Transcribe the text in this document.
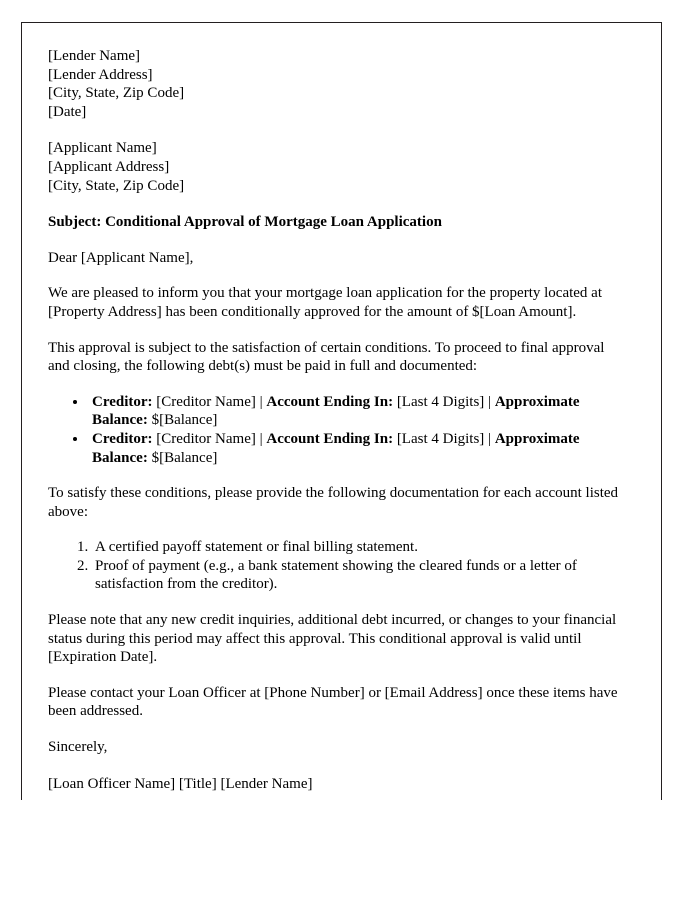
[Lender Name]
[Lender Address]
[City, State, Zip Code]
[Date]
[Applicant Name]
[Applicant Address]
[City, State, Zip Code]

Subject: Conditional Approval of Mortgage Loan Application

Dear [Applicant Name],

We are pleased to inform you that your mortgage loan application for the property located at [Property Address] has been conditionally approved for the amount of $[Loan Amount].

This approval is subject to the satisfaction of certain conditions. To proceed to final approval and closing, the following debt(s) must be paid in full and documented:

• Creditor: [Creditor Name] | Account Ending In: [Last 4 Digits] | Approximate Balance: $[Balance]
• Creditor: [Creditor Name] | Account Ending In: [Last 4 Digits] | Approximate Balance: $[Balance]

To satisfy these conditions, please provide the following documentation for each account listed above:

1. A certified payoff statement or final billing statement.
2. Proof of payment (e.g., a bank statement showing the cleared funds or a letter of satisfaction from the creditor).

Please note that any new credit inquiries, additional debt incurred, or changes to your financial status during this period may affect this approval. This conditional approval is valid until [Expiration Date].

Please contact your Loan Officer at [Phone Number] or [Email Address] once these items have been addressed.

Sincerely,

[Loan Officer Name] [Title] [Lender Name]
